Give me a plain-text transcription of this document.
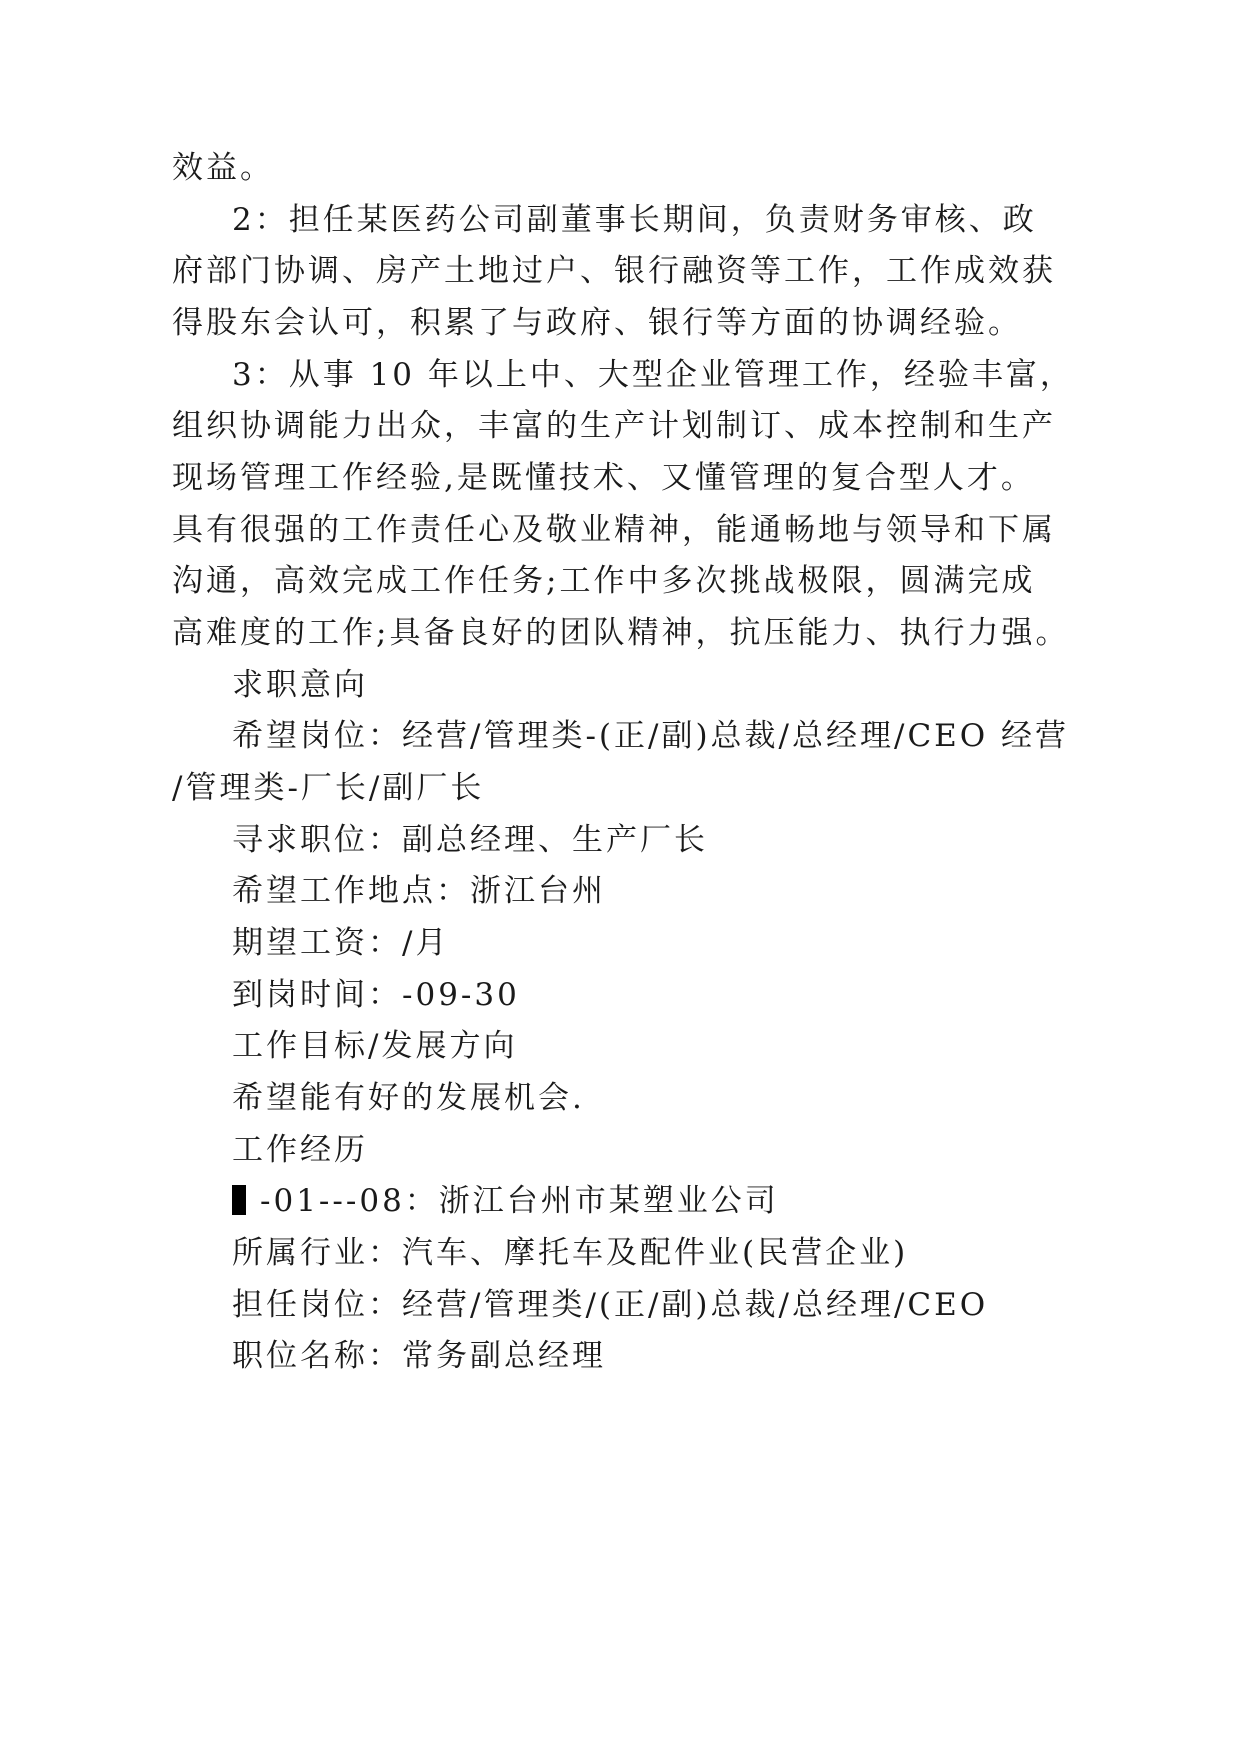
效益。
2：担任某医药公司副董事长期间，负责财务审核、政
府部门协调、房产土地过户、银行融资等工作，工作成效获
得股东会认可，积累了与政府、银行等方面的协调经验。
3：从事 10 年以上中、大型企业管理工作，经验丰富，
组织协调能力出众，丰富的生产计划制订、成本控制和生产
现场管理工作经验,是既懂技术、又懂管理的复合型人才。
具有很强的工作责任心及敬业精神，能通畅地与领导和下属
沟通，高效完成工作任务;工作中多次挑战极限，圆满完成
高难度的工作;具备良好的团队精神，抗压能力、执行力强。
求职意向
希望岗位：经营/管理类-(正/副)总裁/总经理/CEO 经营
/管理类-厂长/副厂长
寻求职位：副总经理、生产厂长
希望工作地点：浙江台州
期望工资：/月
到岗时间：-09-30
工作目标/发展方向
希望能有好的发展机会.
工作经历
-01---08：浙江台州市某塑业公司
所属行业：汽车、摩托车及配件业(民营企业)
担任岗位：经营/管理类/(正/副)总裁/总经理/CEO
职位名称：常务副总经理
